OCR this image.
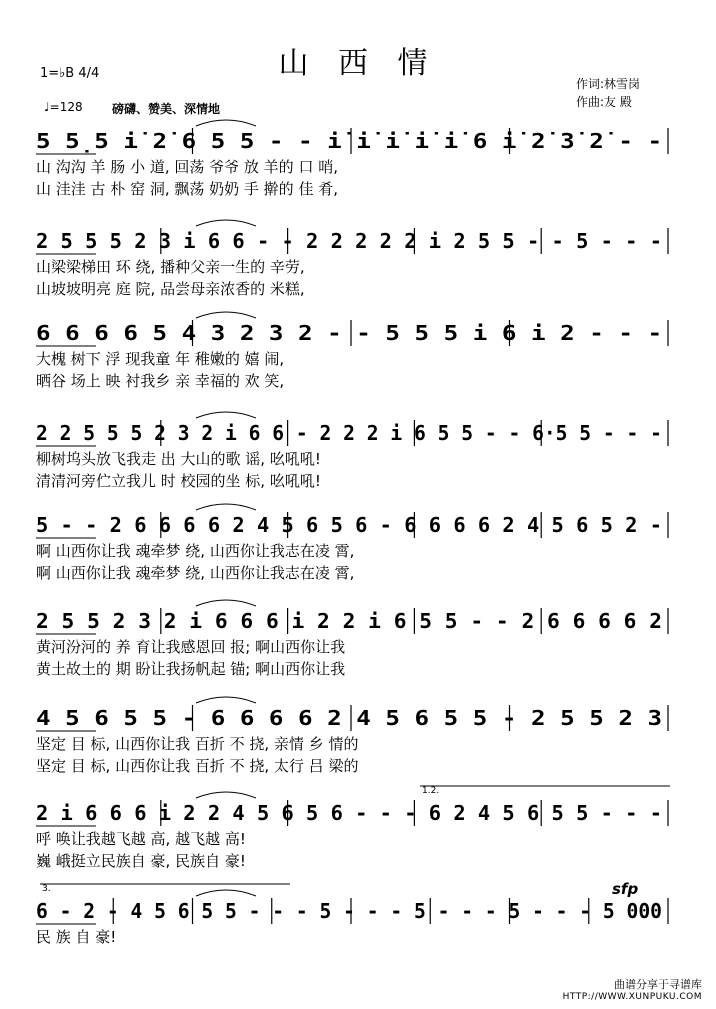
山 西 情
1=♭B 4/4
♩=128 磅礴、赞美、深情地
作词:林雪岗
作曲:友 殿
5 5̣5 i̇ 2̇ 6 5 5 - - i̇ i̇ i̇ i̇ i̇ 6 i̇ 2̇ 3̇ 2̇ - -
山 沟沟 羊 肠 小 道, 回荡 爷爷 放 羊的 口 哨,
山 洼洼 古 朴 窑 洞, 飘荡 奶奶 手 擀的 佳 肴,
2 5 5 5 2 3 i 6 6 - - 2 2 2 2 2 i 2 5 5 - - 5 - - -
山梁梁梯田 环 绕, 播种父亲一生的 辛劳,
山坡坡明亮 庭 院, 品尝母亲浓香的 米糕,
6 6 6 6 5 4 3 2 3 2 - - 5 5 5 i 6 i 2 - - -
大槐 树下 浮 现我童 年 稚嫩的 嬉 闹,
晒谷 场上 映 衬我乡 亲 幸福的 欢 笑,
2 2 5 5 5 2 3 2 i 6 6 - 2 2 2 i 6 5 5 - - 6·5 5 - - -
柳树坞头放飞我走 出 大山的歌 谣, 吆吼吼!
清清河旁伫立我儿 时 校园的坐 标, 吆吼吼!
5 - - 2 6 6 6 6 2 4 5 6 5 6 - 6 6 6 6 2 4 5 6 5 2 -
啊 山西你让我 魂牵梦 绕, 山西你让我志在凌 霄,
啊 山西你让我 魂牵梦 绕, 山西你让我志在凌 霄,
2 5 5 2 3 2 i 6 6 6 i 2 2 i 6 5 5 - - 2 6 6 6 6 2
黄河汾河的 养 育让我感恩回 报; 啊山西你让我
黄土故土的 期 盼让我扬帆起 锚; 啊山西你让我
4 5 6 5 5 - 6 6 6 6 2 4 5 6 5 5 - 2 5 5 2 3
坚定 目 标, 山西你让我 百折 不 挠, 亲情 乡 情的
坚定 目 标, 山西你让我 百折 不 挠, 太行 吕 梁的
2 i 6 6 6 i 2 2 4 5 6 5 6 - - - 6 2 4 5 6 5 5 - - -
呼 唤让我越飞越 高, 越飞越 高!
巍 峨挺立民族自 豪, 民族自 豪!
1.2.
6 - 2 - 4 5 6 5 5 - - - 5 - - - 5 - - - 5 - - - 5 000
民 族 自 豪!
3.	sfp
曲谱分享于寻谱库
HTTP://WWW.XUNPUKU.COM
